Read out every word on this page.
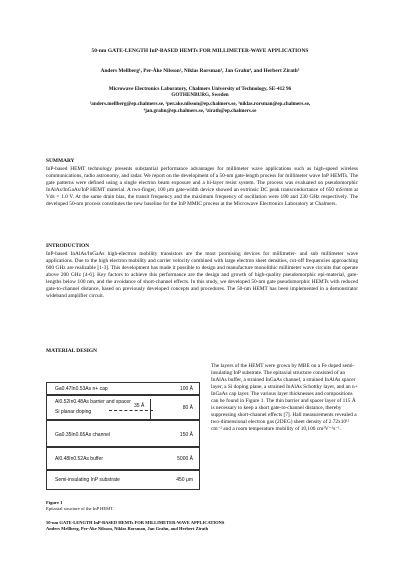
50-nm GATE-LENGTH InP-BASED HEMTs FOR MILLIMETER-WAVE APPLICATIONS
Anders Mellberg¹, Per-Åke Nilsson², Niklas Rorsman³, Jan Grahn⁴, and Herbert Zirath⁵
Microwave Electronics Laboratory, Chalmers University of Technology, SE-412 96
GOTHENBURG, Sweden
¹anders.mellberg@ep.chalmers.se, ²per.ake.nilsson@ep.chalmers.se, ³niklas.rorsman@ep.chalmers.se,
⁴jan.grahn@ep.chalmers.se, ⁵zirath@ep.chalmers.se
SUMMARY
InP-based HEMT technology presents substantial performance advantages for millimeter wave applications such as high-speed wireless communications, radio astronomy, and radar. We report on the development of a 50-nm gate-length process for millimeter wave InP HEMTs. The gate patterns were defined using a single electron beam exposure and a bi-layer resist system. The process was evaluated on pseudomorphic InAlAs/InGaAs/InP HEMT material. A two-finger, 100 μm gate-width device showed an extrinsic DC peak transconductance of 650 mS/mm at Vds = 1.0 V. At the same drain bias, the transit frequency and the maximum frequency of oscillation were 180 and 230 GHz respectively. The developed 50-nm process constitutes the new baseline for the InP MMIC process at the Microwave Electronics Laboratory at Chalmers.
INTRODUCTION
InP-based InAlAs/InGaAs high-electron mobility transistors are the most promising devices for millimeter- and sub millimeter wave applications. Due to the high electron mobility and carrier velocity combined with large electron sheet densities, cut-off frequencies approaching 600 GHz are realizable [1-3]. This development has made it possible to design and manufacture monolithic millimeter wave circuits that operate above 200 GHz [4-6]. Key factors to achieve this performance are the design and growth of high-quality pseudomorphic epi-material, gate-lengths below 100 nm, and the avoidance of short-channel effects. In this study, we developed 50-nm gate pseudomorphic HEMTs with reduced gate-to-channel distance, based on previously developed concepts and procedures. The 50-nm HEMT has been implemented in a demonstrator wideband amplifier circuit.
MATERIAL DESIGN
The layers of the HEMT were grown by MBE on a Fe doped semi-insulating InP substrate. The epitaxial structure consisted of an InAlAs buffer, a strained InGaAs channel, a strained InAlAs spacer layer, a Si doping plane, a strained InAlAs Schottky layer, and an n+ InGaAs cap layer. The various layer thicknesses and compositions can be found in Figure 1. The thin barrier and spacer layer of 115 Å is necessary to keep a short gate-to-channel distance, thereby suppressing short-channel effects [7]. Hall measurements revealed a two-dimensional electron gas (2DEG) sheet density of 2.72x10¹² cm⁻² and a room temperature mobility of 10,100 cm²V⁻¹s⁻¹.
Ga0.47In0.53As n+ cap	100 Å
Al0.52In0.48As barrier and spacer
Si planar doping
35 Å	80 Å
Ga0.35In0.65As channel	150 Å
Al0.48In0.52As buffer	5000 Å
Semi-insulating InP substrate	450 μm
Figure 1
Epitaxial structure of the InP HEMT.
50-nm GATE-LENGTH InP-BASED HEMTs FOR MILLIMETER-WAVE APPLICATIONS
Anders Mellberg, Per-Åke Nilsson, Niklas Rorsman, Jan Grahn, and Herbert Zirath
